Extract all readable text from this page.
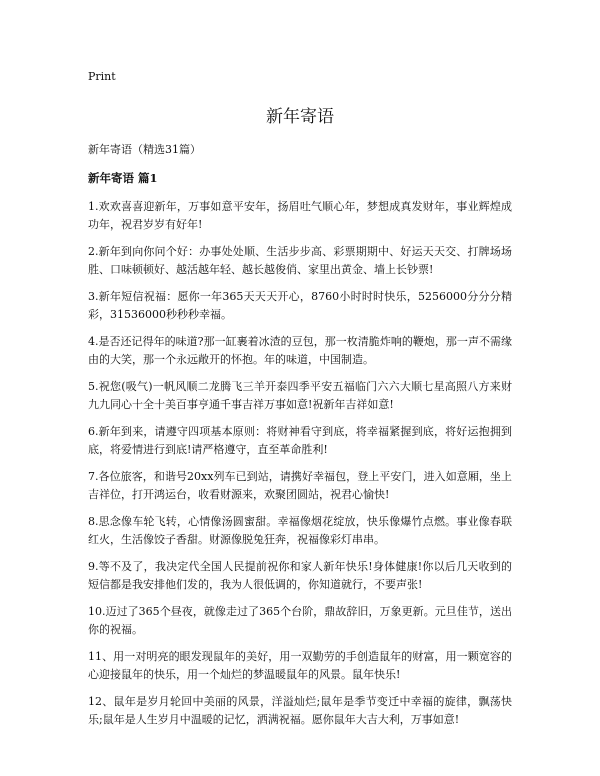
Print

新年寄语

新年寄语（精选31篇）

新年寄语 篇1

1.欢欢喜喜迎新年，万事如意平安年，扬眉吐气顺心年，梦想成真发财年，事业辉煌成功年，祝君岁岁有好年!

2.新年到向你问个好：办事处处顺、生活步步高、彩票期期中、好运天天交、打牌场场胜、口味顿顿好、越活越年轻、越长越俊俏、家里出黄金、墙上长钞票!

3.新年短信祝福：愿你一年365天天天开心，8760小时时时快乐，5256000分分分精彩，31536000秒秒秒幸福。

4.是否还记得年的味道?那一缸裹着冰渣的豆包，那一枚清脆炸响的鞭炮，那一声不需缘由的大笑，那一个永远敞开的怀抱。年的味道，中国制造。

5.祝您(吸气)一帆风顺二龙腾飞三羊开泰四季平安五福临门六六大顺七星高照八方来财九九同心十全十美百事亨通千事吉祥万事如意!祝新年吉祥如意!

6.新年到来，请遵守四项基本原则：将财神看守到底，将幸福紧握到底，将好运抱拥到底，将爱情进行到底!请严格遵守，直至革命胜利!

7.各位旅客，和谐号20xx列车已到站，请携好幸福包，登上平安门，进入如意厢，坐上吉祥位，打开鸿运台，收看财源来，欢聚团圆站，祝君心愉快!

8.思念像车轮飞转，心情像汤圆蜜甜。幸福像烟花绽放，快乐像爆竹点燃。事业像春联红火，生活像饺子香甜。财源像脱兔狂奔，祝福像彩灯串串。

9.等不及了，我决定代全国人民提前祝你和家人新年快乐!身体健康!你以后几天收到的短信都是我安排他们发的，我为人很低调的，你知道就行，不要声张!

10.迈过了365个昼夜，就像走过了365个台阶，鼎故辞旧，万象更新。元旦佳节，送出你的祝福。

11、用一对明亮的眼发现鼠年的美好，用一双勤劳的手创造鼠年的财富，用一颗宽容的心迎接鼠年的快乐，用一个灿烂的梦温暖鼠年的风景。鼠年快乐!

12、鼠年是岁月轮回中美丽的风景，洋溢灿烂;鼠年是季节变迁中幸福的旋律，飘荡快乐;鼠年是人生岁月中温暖的记忆，洒满祝福。愿你鼠年大吉大利，万事如意!
